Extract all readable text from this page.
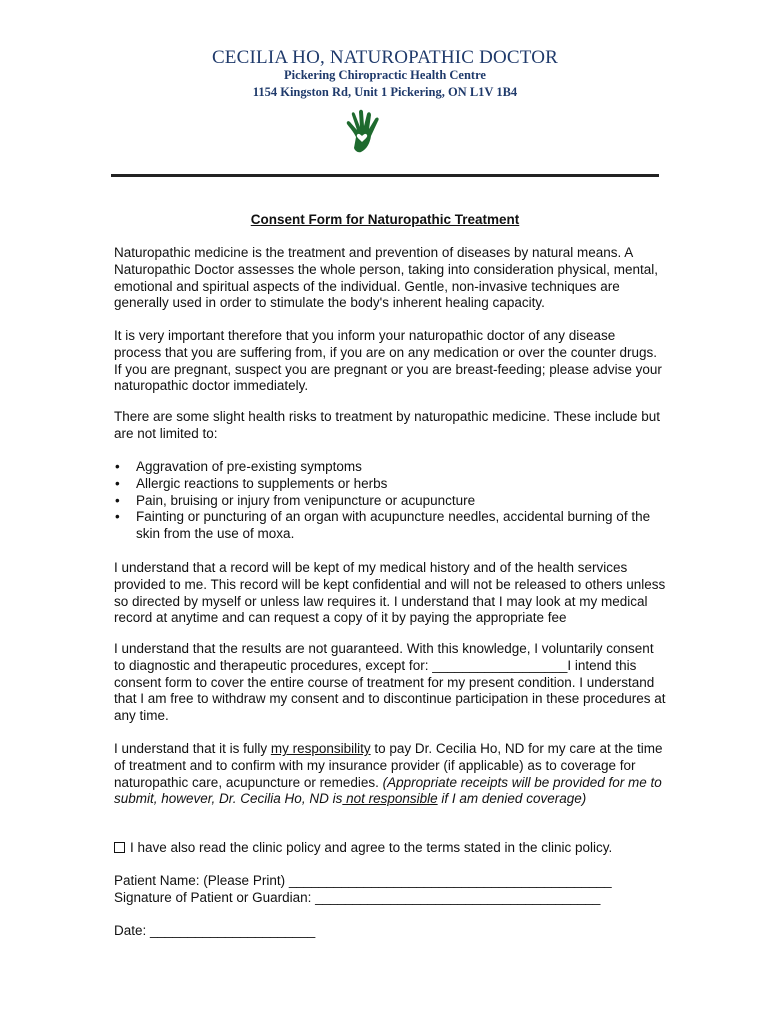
CECILIA HO, NATUROPATHIC DOCTOR
Pickering Chiropractic Health Centre
1154 Kingston Rd, Unit 1 Pickering, ON L1V 1B4
Consent Form for Naturopathic Treatment

Naturopathic medicine is the treatment and prevention of diseases by natural means. A Naturopathic Doctor assesses the whole person, taking into consideration physical, mental, emotional and spiritual aspects of the individual. Gentle, non-invasive techniques are generally used in order to stimulate the body's inherent healing capacity.

It is very important therefore that you inform your naturopathic doctor of any disease process that you are suffering from, if you are on any medication or over the counter drugs. If you are pregnant, suspect you are pregnant or you are breast-feeding; please advise your naturopathic doctor immediately.

There are some slight health risks to treatment by naturopathic medicine. These include but are not limited to:

• Aggravation of pre-existing symptoms
• Allergic reactions to supplements or herbs
• Pain, bruising or injury from venipuncture or acupuncture
• Fainting or puncturing of an organ with acupuncture needles, accidental burning of the skin from the use of moxa.

I understand that a record will be kept of my medical history and of the health services provided to me. This record will be kept confidential and will not be released to others unless so directed by myself or unless law requires it. I understand that I may look at my medical record at anytime and can request a copy of it by paying the appropriate fee

I understand that the results are not guaranteed. With this knowledge, I voluntarily consent to diagnostic and therapeutic procedures, except for: __________________I intend this consent form to cover the entire course of treatment for my present condition. I understand that I am free to withdraw my consent and to discontinue participation in these procedures at any time.

I understand that it is fully my responsibility to pay Dr. Cecilia Ho, ND for my care at the time of treatment and to confirm with my insurance provider (if applicable) as to coverage for naturopathic care, acupuncture or remedies. (Appropriate receipts will be provided for me to submit, however, Dr. Cecilia Ho, ND is not responsible if I am denied coverage)

I have also read the clinic policy and agree to the terms stated in the clinic policy.
Patient Name: (Please Print) ___________________________________________
Signature of Patient or Guardian: ______________________________________
Date: ______________________
